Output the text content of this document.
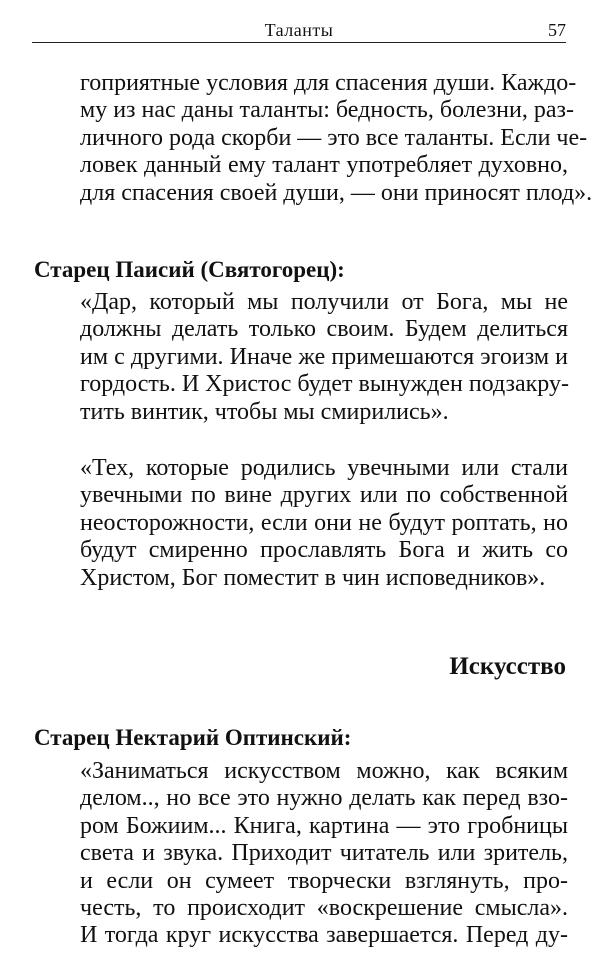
Таланты	57

гоприятные условия для спасения души. Каждо-
му из нас даны таланты: бедность, болезни, раз-
личного рода скорби — это все таланты. Если че-
ловек данный ему талант употребляет духовно,
для спасения своей души, — они приносят плод».

Старец Паисий (Святогорец):

«Дар, который мы получили от Бога, мы не
должны делать только своим. Будем делиться
им с другими. Иначе же примешаются эгоизм и
гордость. И Христос будет вынужден подзакру-
тить винтик, чтобы мы смирились».

«Тех, которые родились увечными или стали
увечными по вине других или по собственной
неосторожности, если они не будут роптать, но
будут смиренно прославлять Бога и жить со
Христом, Бог поместит в чин исповедников».

Искусство
Старец Нектарий Оптинский:

«Заниматься искусством можно, как всяким
делом.., но все это нужно делать как перед взо-
ром Божиим... Книга, картина — это гробницы
света и звука. Приходит читатель или зритель,
и если он сумеет творчески взглянуть, про-
честь, то происходит «воскрешение смысла».
И тогда круг искусства завершается. Перед ду-
